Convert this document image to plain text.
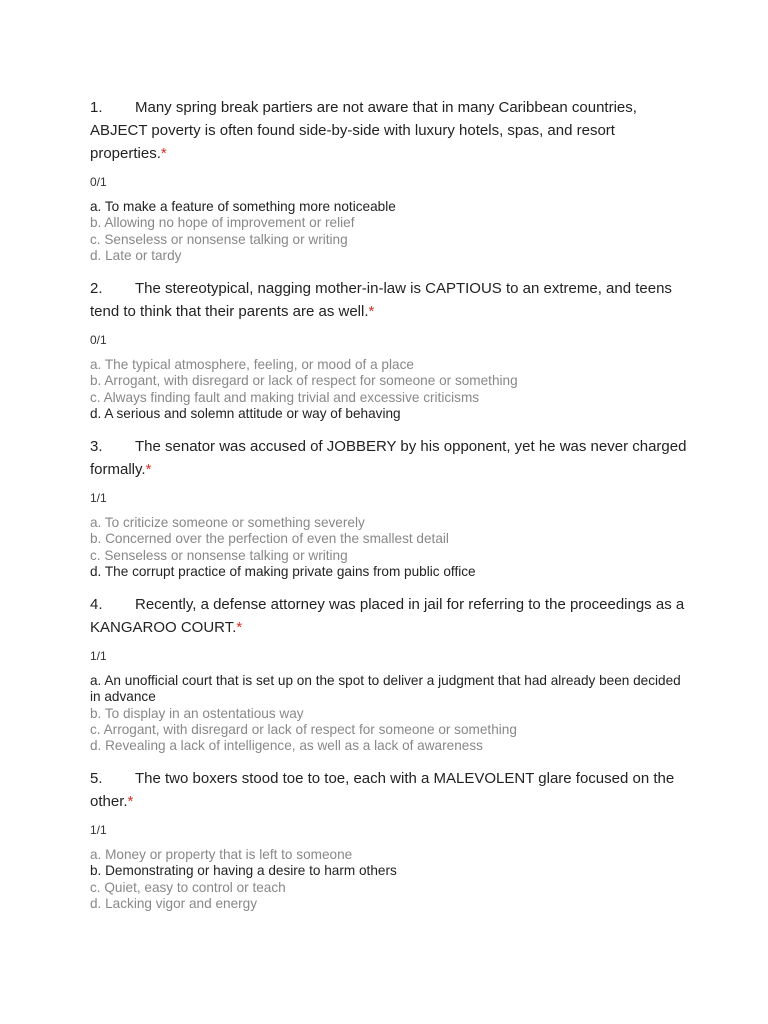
1. Many spring break partiers are not aware that in many Caribbean countries, ABJECT poverty is often found side-by-side with luxury hotels, spas, and resort properties.*

0/1
a. To make a feature of something more noticeable
b. Allowing no hope of improvement or relief
c. Senseless or nonsense talking or writing
d. Late or tardy

2. The stereotypical, nagging mother-in-law is CAPTIOUS to an extreme, and teens tend to think that their parents are as well.*

0/1
a. The typical atmosphere, feeling, or mood of a place
b. Arrogant, with disregard or lack of respect for someone or something
c. Always finding fault and making trivial and excessive criticisms
d. A serious and solemn attitude or way of behaving

3. The senator was accused of JOBBERY by his opponent, yet he was never charged formally.*

1/1
a. To criticize someone or something severely
b. Concerned over the perfection of even the smallest detail
c. Senseless or nonsense talking or writing
d. The corrupt practice of making private gains from public office

4. Recently, a defense attorney was placed in jail for referring to the proceedings as a KANGAROO COURT.*

1/1
a. An unofficial court that is set up on the spot to deliver a judgment that had already been decided in advance
b. To display in an ostentatious way
c. Arrogant, with disregard or lack of respect for someone or something
d. Revealing a lack of intelligence, as well as a lack of awareness

5. The two boxers stood toe to toe, each with a MALEVOLENT glare focused on the other.*

1/1
a. Money or property that is left to someone
b. Demonstrating or having a desire to harm others
c. Quiet, easy to control or teach
d. Lacking vigor and energy
